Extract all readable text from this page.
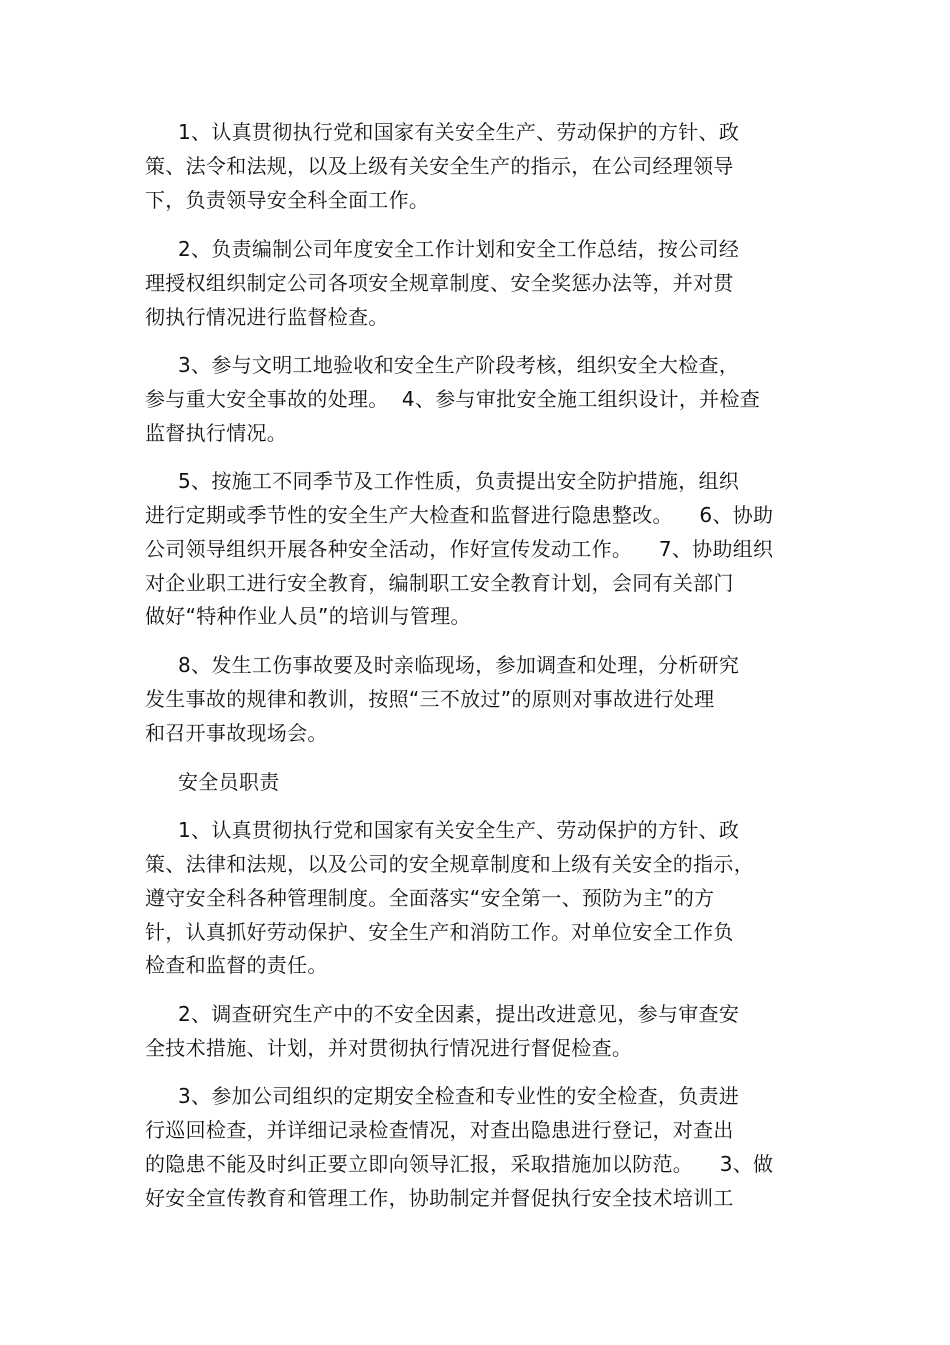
1、认真贯彻执行党和国家有关安全生产、劳动保护的方针、政
策、法令和法规，以及上级有关安全生产的指示，在公司经理领导
下，负责领导安全科全面工作。
2、负责编制公司年度安全工作计划和安全工作总结，按公司经
理授权组织制定公司各项安全规章制度、安全奖惩办法等，并对贯
彻执行情况进行监督检查。
3、参与文明工地验收和安全生产阶段考核，组织安全大检查，
参与重大安全事故的处理。  4、参与审批安全施工组织设计，并检查
监督执行情况。
5、按施工不同季节及工作性质，负责提出安全防护措施，组织
进行定期或季节性的安全生产大检查和监督进行隐患整改。    6、协助
公司领导组织开展各种安全活动，作好宣传发动工作。    7、协助组织
对企业职工进行安全教育，编制职工安全教育计划，会同有关部门
做好“特种作业人员”的培训与管理。
8、发生工伤事故要及时亲临现场，参加调查和处理，分析研究
发生事故的规律和教训，按照“三不放过”的原则对事故进行处理
和召开事故现场会。
安全员职责
1、认真贯彻执行党和国家有关安全生产、劳动保护的方针、政
策、法律和法规，以及公司的安全规章制度和上级有关安全的指示，
遵守安全科各种管理制度。全面落实“安全第一、预防为主”的方
针，认真抓好劳动保护、安全生产和消防工作。对单位安全工作负
检查和监督的责任。
2、调查研究生产中的不安全因素，提出改进意见，参与审查安
全技术措施、计划，并对贯彻执行情况进行督促检查。
3、参加公司组织的定期安全检查和专业性的安全检查，负责进
行巡回检查，并详细记录检查情况，对查出隐患进行登记，对查出
的隐患不能及时纠正要立即向领导汇报，采取措施加以防范。    3、做
好安全宣传教育和管理工作，协助制定并督促执行安全技术培训工
